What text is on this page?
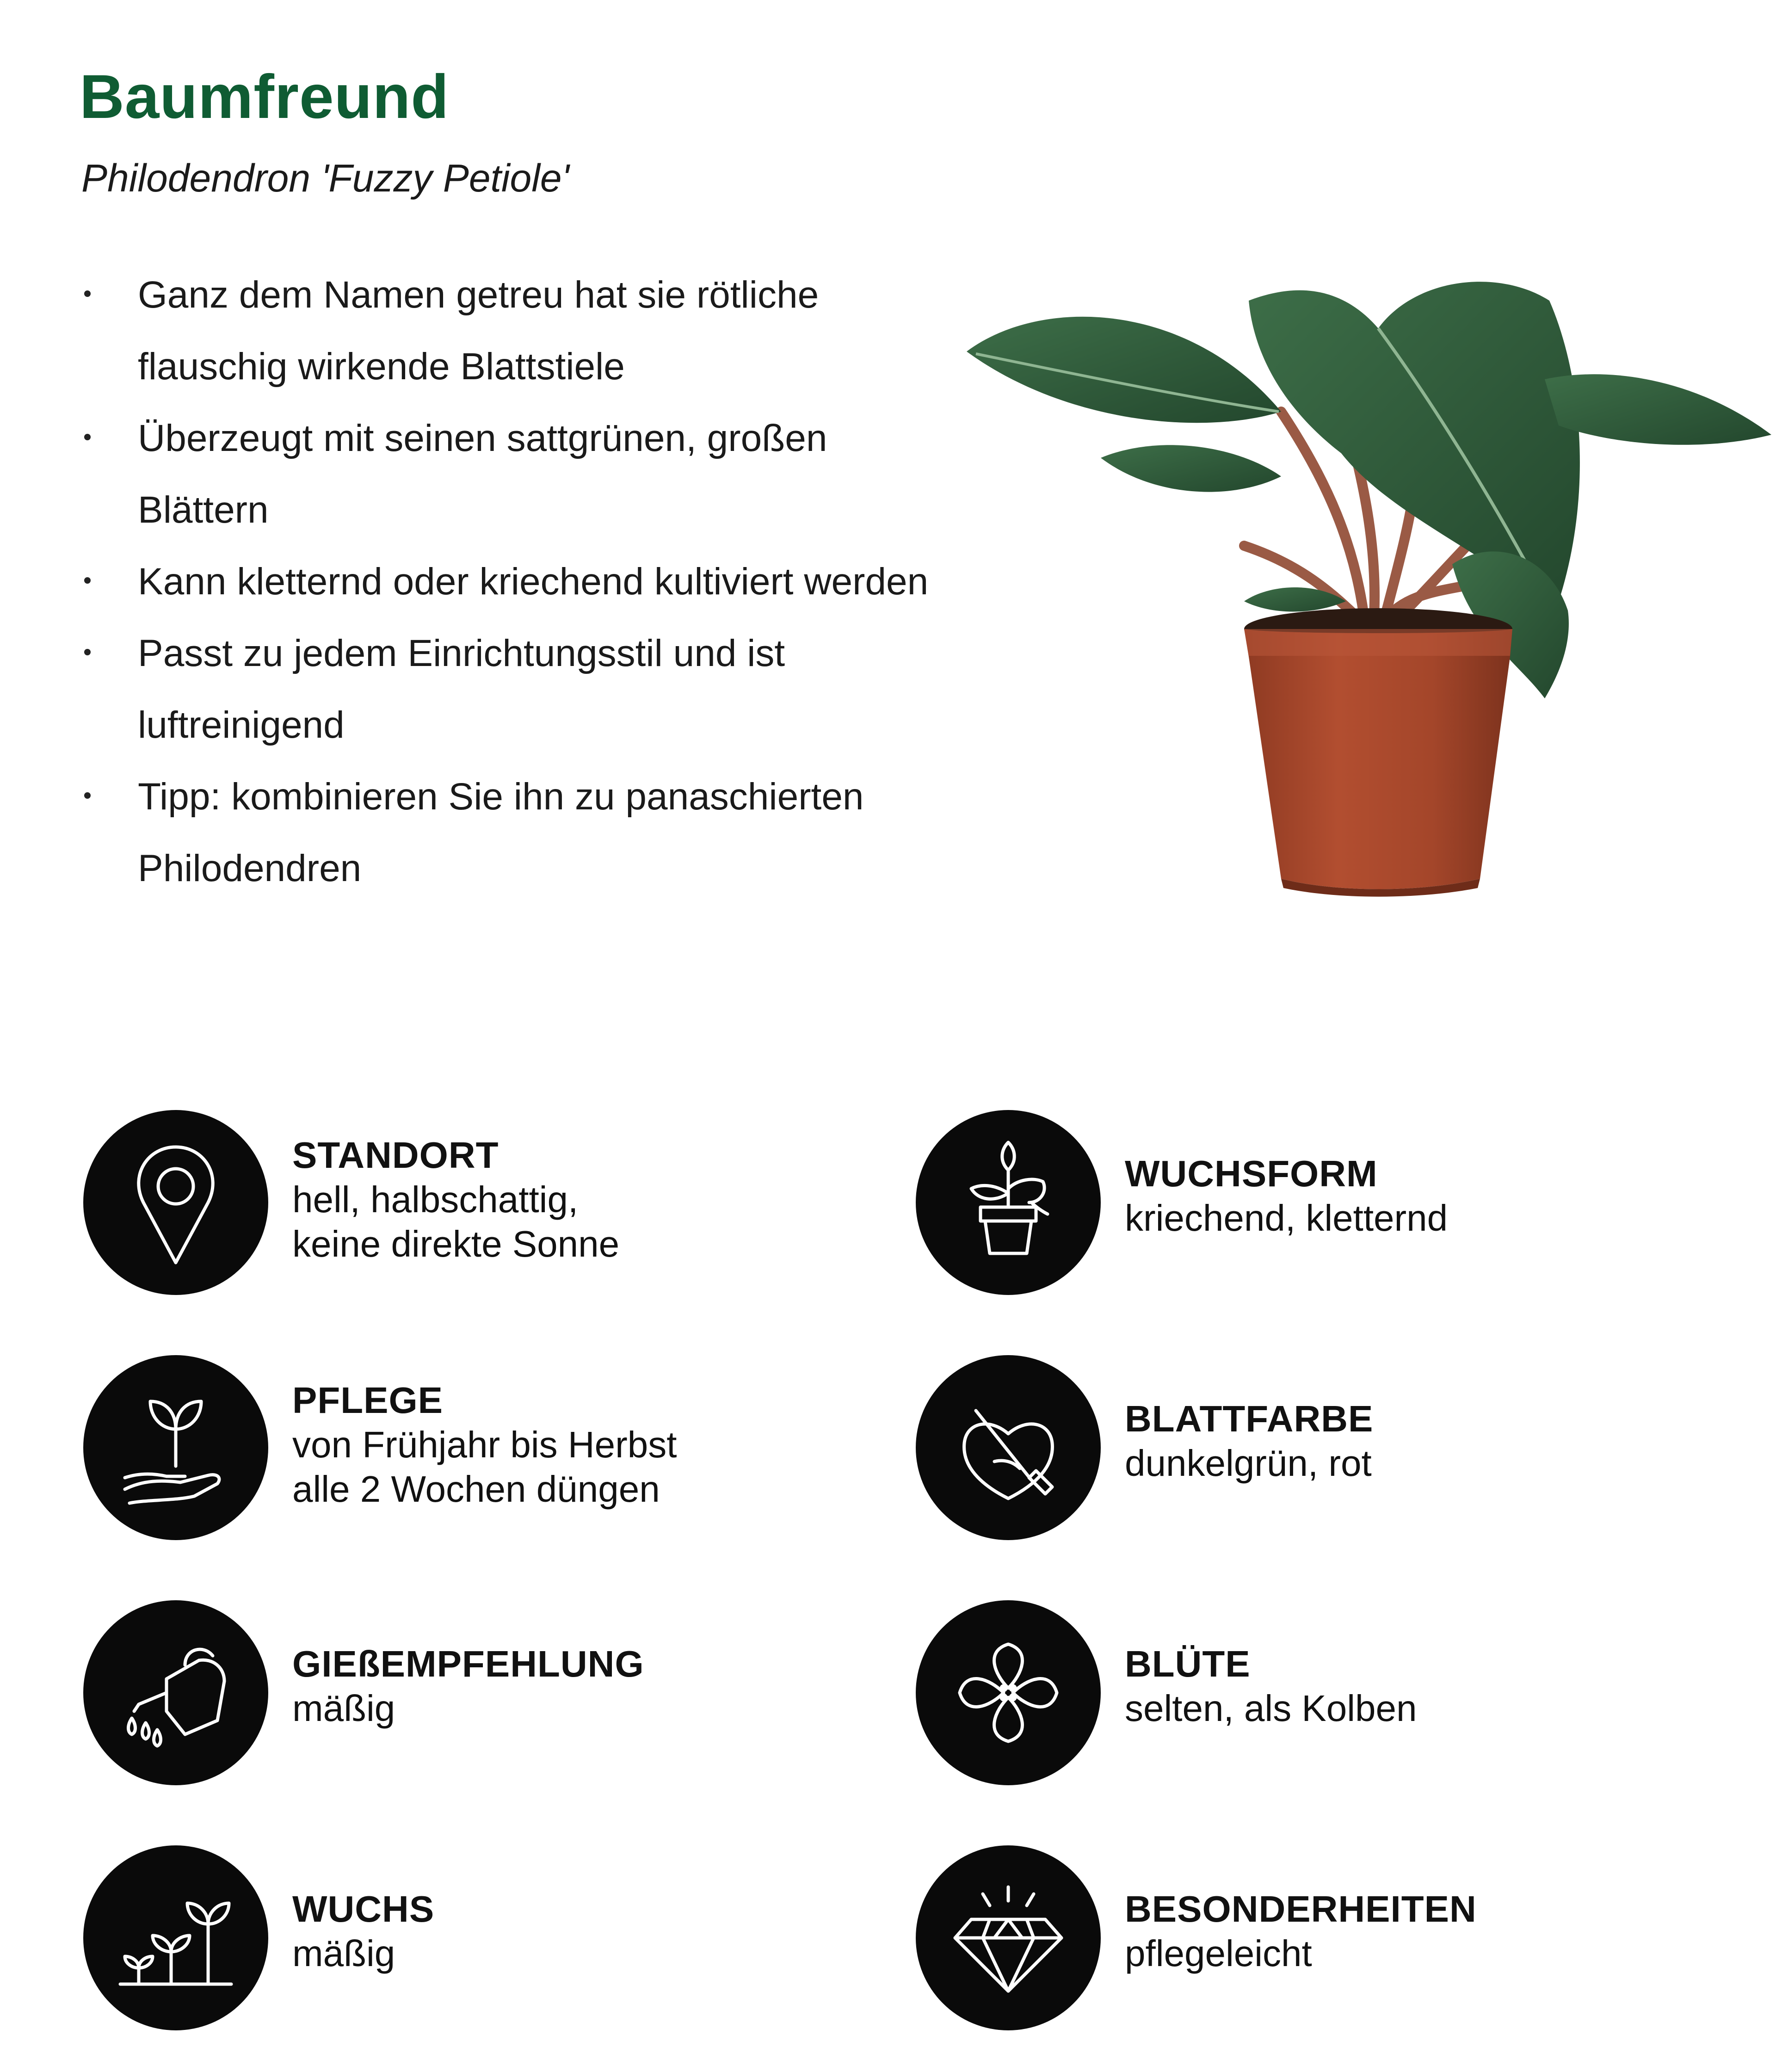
Baumfreund

Philodendron 'Fuzzy Petiole'

Ganz dem Namen getreu hat sie rötliche flauschig wirkende Blattstiele
Überzeugt mit seinen sattgrünen, großen Blättern
Kann kletternd oder kriechend kultiviert werden
Passt zu jedem Einrichtungsstil und ist luftreinigend
Tipp: kombinieren Sie ihn zu panaschierten Philodendren
STANDORT
hell, halbschattig,
keine direkte Sonne
WUCHSFORM
kriechend, kletternd
PFLEGE
von Frühjahr bis Herbst
alle 2 Wochen düngen
BLATTFARBE
dunkelgrün, rot
GIEßEMPFEHLUNG
mäßig
BLÜTE
selten, als Kolben
WUCHS
mäßig
BESONDERHEITEN
pflegeleicht
